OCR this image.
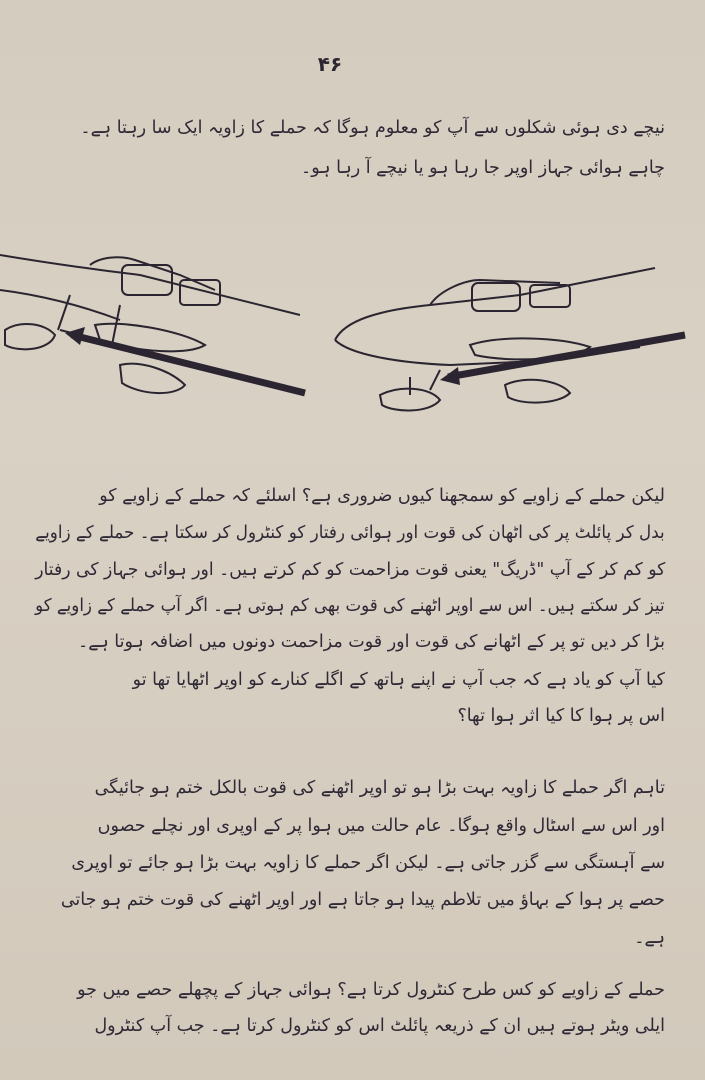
۴۶
نیچے دی ہوئی شکلوں سے آپ کو معلوم ہوگا کہ حملے کا زاویہ ایک سا رہتا ہے۔
چاہے ہوائی جہاز اوپر جا رہا ہو یا نیچے آ رہا ہو۔
لیکن حملے کے زاویے کو سمجھنا کیوں ضروری ہے؟ اسلئے کہ حملے کے زاویے کو
بدل کر پائلٹ پر کی اٹھان کی قوت اور ہوائی رفتار کو کنٹرول کر سکتا ہے۔ حملے کے زاویے
کو کم کر کے آپ "ڈریگ" یعنی قوت مزاحمت کو کم کرتے ہیں۔ اور ہوائی جہاز کی رفتار
تیز کر سکتے ہیں۔ اس سے اوپر اٹھنے کی قوت بھی کم ہوتی ہے۔ اگر آپ حملے کے زاویے کو
بڑا کر دیں تو پر کے اٹھانے کی قوت اور قوت مزاحمت دونوں میں اضافہ ہوتا ہے۔
کیا آپ کو یاد ہے کہ جب آپ نے اپنے ہاتھ کے اگلے کنارے کو اوپر اٹھایا تھا تو
اس پر ہوا کا کیا اثر ہوا تھا؟
تاہم اگر حملے کا زاویہ بہت بڑا ہو تو اوپر اٹھنے کی قوت بالکل ختم ہو جائیگی
اور اس سے اسٹال واقع ہوگا۔ عام حالت میں ہوا پر کے اوپری اور نچلے حصوں
سے آہستگی سے گزر جاتی ہے۔ لیکن اگر حملے کا زاویہ بہت بڑا ہو جائے تو اوپری
حصے پر ہوا کے بہاؤ میں تلاطم پیدا ہو جاتا ہے اور اوپر اٹھنے کی قوت ختم ہو جاتی
ہے۔
حملے کے زاویے کو کس طرح کنٹرول کرتا ہے؟ ہوائی جہاز کے پچھلے حصے میں جو
ایلی ویٹر ہوتے ہیں ان کے ذریعہ پائلٹ اس کو کنٹرول کرتا ہے۔ جب آپ کنٹرول
